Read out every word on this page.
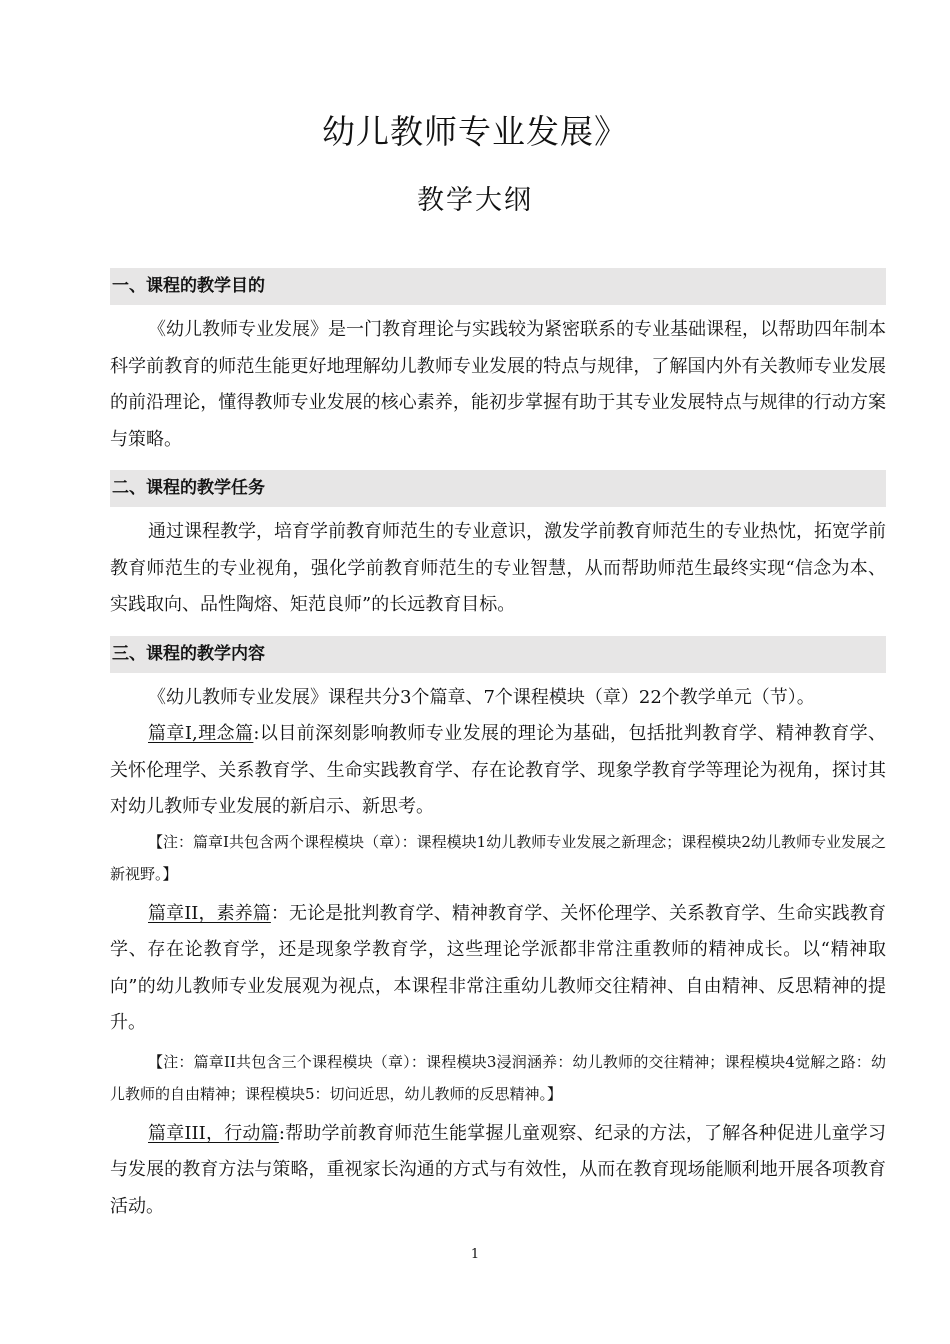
幼儿教师专业发展》
教学大纲
一、课程的教学目的

《幼儿教师专业发展》是一门教育理论与实践较为紧密联系的专业基础课程，以帮助四年制本科学前教育的师范生能更好地理解幼儿教师专业发展的特点与规律，了解国内外有关教师专业发展的前沿理论，懂得教师专业发展的核心素养，能初步掌握有助于其专业发展特点与规律的行动方案与策略。

二、课程的教学任务

通过课程教学，培育学前教育师范生的专业意识，激发学前教育师范生的专业热忱，拓宽学前教育师范生的专业视角，强化学前教育师范生的专业智慧，从而帮助师范生最终实现“信念为本、实践取向、品性陶熔、矩范良师”的长远教育目标。

三、课程的教学内容

《幼儿教师专业发展》课程共分3个篇章、7个课程模块（章）22个教学单元（节）。

篇章I,理念篇:以目前深刻影响教师专业发展的理论为基础，包括批判教育学、精神教育学、关怀伦理学、关系教育学、生命实践教育学、存在论教育学、现象学教育学等理论为视角，探讨其对幼儿教师专业发展的新启示、新思考。

【注：篇章I共包含两个课程模块（章）：课程模块1幼儿教师专业发展之新理念；课程模块2幼儿教师专业发展之新视野。】

篇章II，素养篇：无论是批判教育学、精神教育学、关怀伦理学、关系教育学、生命实践教育学、存在论教育学，还是现象学教育学，这些理论学派都非常注重教师的精神成长。以“精神取向”的幼儿教师专业发展观为视点，本课程非常注重幼儿教师交往精神、自由精神、反思精神的提升。

【注：篇章II共包含三个课程模块（章）：课程模块3浸润涵养：幼儿教师的交往精神；课程模块4觉解之路：幼儿教师的自由精神；课程模块5：切问近思，幼儿教师的反思精神。】

篇章III，行动篇:帮助学前教育师范生能掌握儿童观察、纪录的方法，了解各种促进儿童学习与发展的教育方法与策略，重视家长沟通的方式与有效性，从而在教育现场能顺利地开展各项教育活动。

1
